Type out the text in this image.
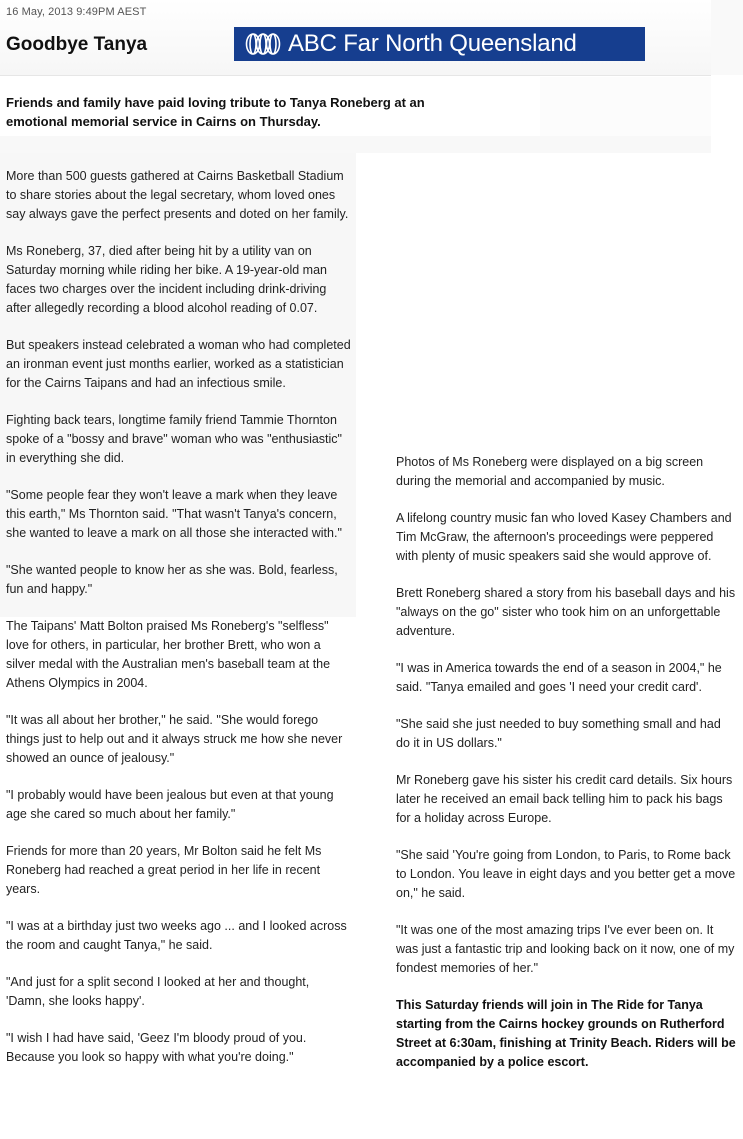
16 May, 2013 9:49PM AEST
Goodbye Tanya	ABC Far North Queensland
Friends and family have paid loving tribute to Tanya Roneberg at an emotional memorial service in Cairns on Thursday.

More than 500 guests gathered at Cairns Basketball Stadium to share stories about the legal secretary, whom loved ones say always gave the perfect presents and doted on her family.

Ms Roneberg, 37, died after being hit by a utility van on Saturday morning while riding her bike. A 19-year-old man faces two charges over the incident including drink-driving after allegedly recording a blood alcohol reading of 0.07.

But speakers instead celebrated a woman who had completed an ironman event just months earlier, worked as a statistician for the Cairns Taipans and had an infectious smile.

Fighting back tears, longtime family friend Tammie Thornton spoke of a "bossy and brave" woman who was "enthusiastic" in everything she did.

"Some people fear they won't leave a mark when they leave this earth," Ms Thornton said. "That wasn't Tanya's concern, she wanted to leave a mark on all those she interacted with."

"She wanted people to know her as she was. Bold, fearless, fun and happy."

The Taipans' Matt Bolton praised Ms Roneberg's "selfless" love for others, in particular, her brother Brett, who won a silver medal with the Australian men's baseball team at the Athens Olympics in 2004.

"It was all about her brother," he said. "She would forego things just to help out and it always struck me how she never showed an ounce of jealousy."

"I probably would have been jealous but even at that young age she cared so much about her family."

Friends for more than 20 years, Mr Bolton said he felt Ms Roneberg had reached a great period in her life in recent years.

"I was at a birthday just two weeks ago ... and I looked across the room and caught Tanya," he said.

"And just for a split second I looked at her and thought, 'Damn, she looks happy'.

"I wish I had have said, 'Geez I'm bloody proud of you. Because you look so happy with what you're doing."

Photos of Ms Roneberg were displayed on a big screen during the memorial and accompanied by music.

A lifelong country music fan who loved Kasey Chambers and Tim McGraw, the afternoon's proceedings were peppered with plenty of music speakers said she would approve of.

Brett Roneberg shared a story from his baseball days and his "always on the go" sister who took him on an unforgettable adventure.

"I was in America towards the end of a season in 2004," he said. "Tanya emailed and goes 'I need your credit card'.

"She said she just needed to buy something small and had do it in US dollars."

Mr Roneberg gave his sister his credit card details. Six hours later he received an email back telling him to pack his bags for a holiday across Europe.

"She said 'You're going from London, to Paris, to Rome back to London. You leave in eight days and you better get a move on," he said.

"It was one of the most amazing trips I've ever been on. It was just a fantastic trip and looking back on it now, one of my fondest memories of her."

This Saturday friends will join in The Ride for Tanya starting from the Cairns hockey grounds on Rutherford Street at 6:30am, finishing at Trinity Beach. Riders will be accompanied by a police escort.
